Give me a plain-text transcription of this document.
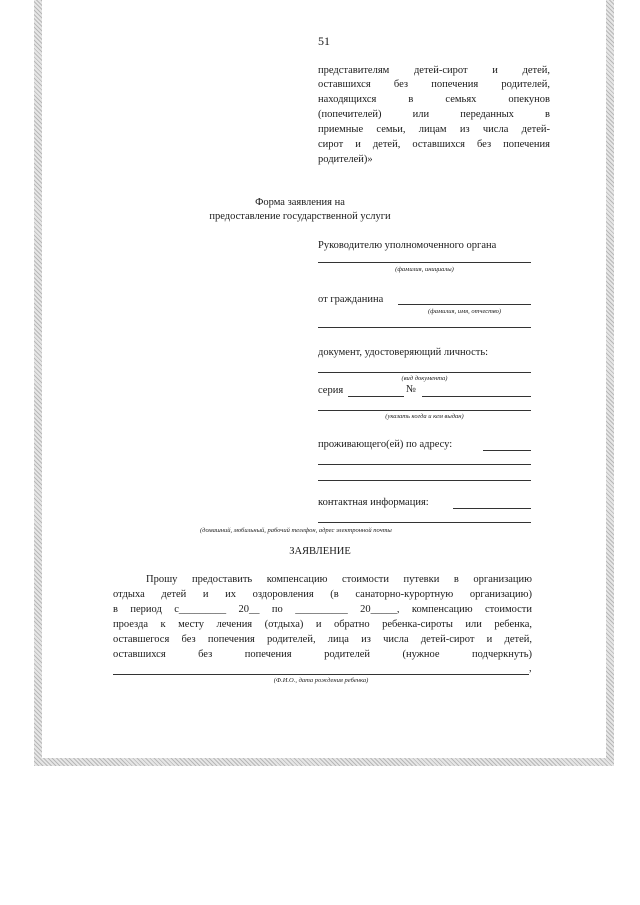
51
представителям детей-сирот и детей,
оставшихся без попечения родителей,
находящихся в семьях опекунов
(попечителей) или переданных в
приемные семьи, лицам из числа детей-
сирот и детей, оставшихся без попечения
родителей)»
Форма заявления на
предоставление государственной услуги
Руководителю уполномоченного органа
(фамилия, инициалы)
от гражданина
(фамилия, имя, отчество)
документ, удостоверяющий личность:
(вид документа)
серия	№
(указать когда и кем выдан)
проживающего(ей) по адресу:
контактная информация:
(домашний, мобильный, рабочий телефон, адрес электронной почты
ЗАЯВЛЕНИЕ
Прошу предоставить компенсацию стоимости путевки в организацию
отдыха детей и их оздоровления (в санаторно-курортную организацию)
в период с_________ 20__ по __________ 20_____, компенсацию стоимости
проезда к месту лечения (отдыха) и обратно ребенка-сироты или ребенка,
оставшегося без попечения родителей, лица из числа детей-сирот и детей,
оставшихся без попечения родителей (нужное подчеркнуть)
,
(Ф.И.О., дата рождения ребенка)
